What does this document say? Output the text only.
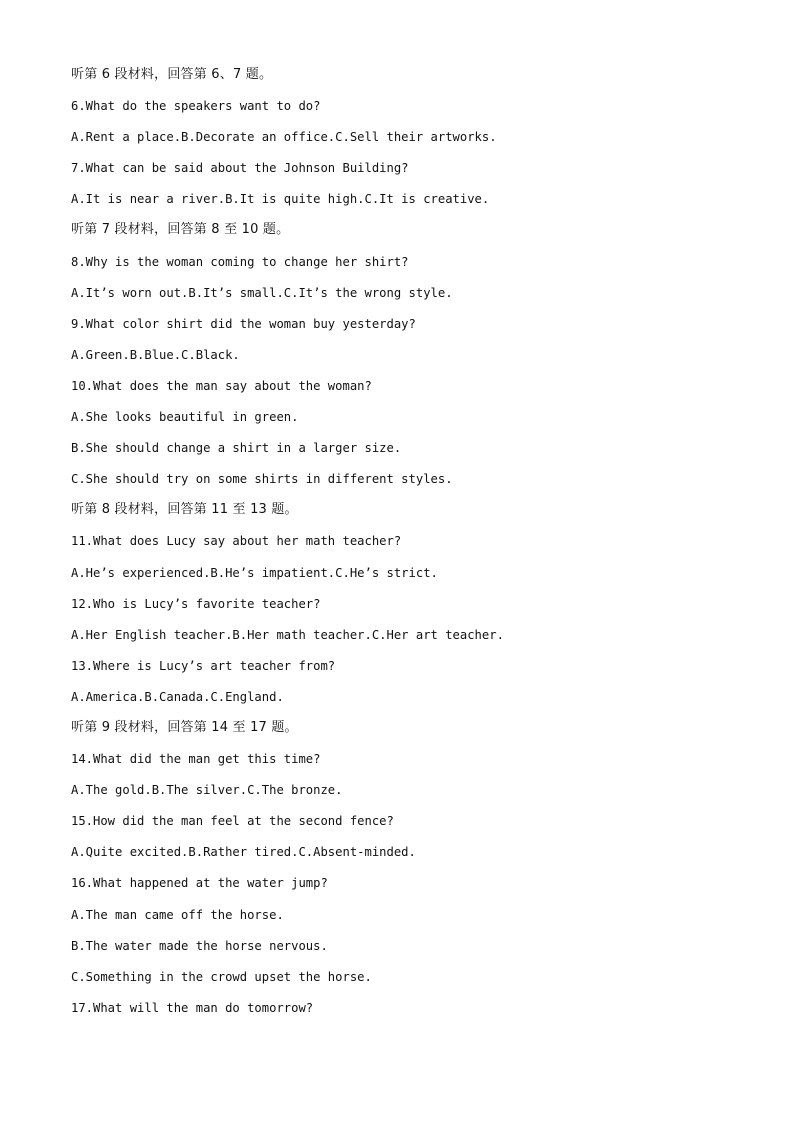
听第 6 段材料，回答第 6、7 题。
6.What do the speakers want to do?
A.Rent a place.B.Decorate an office.C.Sell their artworks.
7.What can be said about the Johnson Building?
A.It is near a river.B.It is quite high.C.It is creative.
听第 7 段材料，回答第 8 至 10 题。
8.Why is the woman coming to change her shirt?
A.It’s worn out.B.It’s small.C.It’s the wrong style.
9.What color shirt did the woman buy yesterday?
A.Green.B.Blue.C.Black.
10.What does the man say about the woman?
A.She looks beautiful in green.
B.She should change a shirt in a larger size.
C.She should try on some shirts in different styles.
听第 8 段材料，回答第 11 至 13 题。
11.What does Lucy say about her math teacher?
A.He’s experienced.B.He’s impatient.C.He’s strict.
12.Who is Lucy’s favorite teacher?
A.Her English teacher.B.Her math teacher.C.Her art teacher.
13.Where is Lucy’s art teacher from?
A.America.B.Canada.C.England.
听第 9 段材料，回答第 14 至 17 题。
14.What did the man get this time?
A.The gold.B.The silver.C.The bronze.
15.How did the man feel at the second fence?
A.Quite excited.B.Rather tired.C.Absent-minded.
16.What happened at the water jump?
A.The man came off the horse.
B.The water made the horse nervous.
C.Something in the crowd upset the horse.
17.What will the man do tomorrow?
